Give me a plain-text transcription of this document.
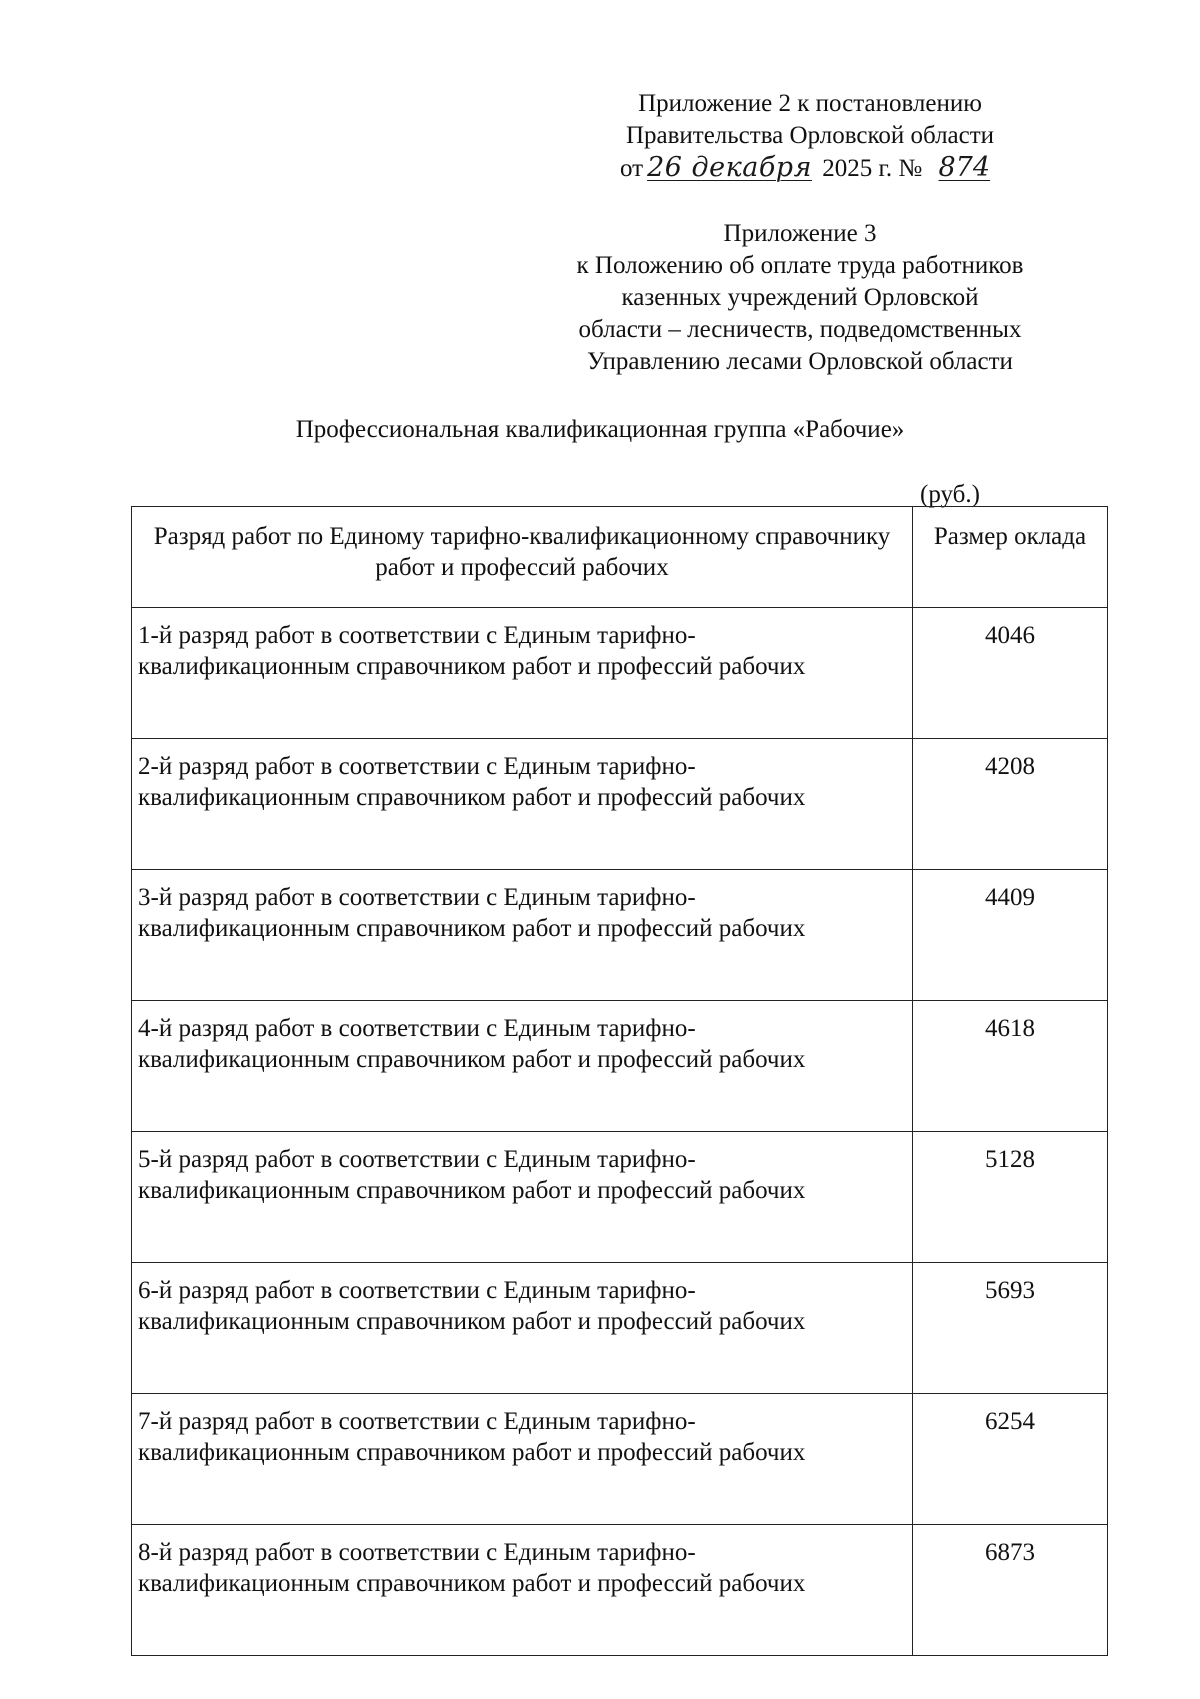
Приложение 2 к постановлению
Правительства Орловской области
от 26 декабря 2025 г. № 874
Приложение 3
к Положению об оплате труда работников
казенных учреждений Орловской
области – лесничеств, подведомственных
Управлению лесами Орловской области
Профессиональная квалификационная группа «Рабочие»
(руб.)
Разряд работ по Единому тарифно-квалификационному справочнику работ и профессий рабочих	Размер оклада
1-й разряд работ в соответствии с Единым тарифно-квалификационным справочником работ и профессий рабочих	4046
2-й разряд работ в соответствии с Единым тарифно-квалификационным справочником работ и профессий рабочих	4208
3-й разряд работ в соответствии с Единым тарифно-квалификационным справочником работ и профессий рабочих	4409
4-й разряд работ в соответствии с Единым тарифно-квалификационным справочником работ и профессий рабочих	4618
5-й разряд работ в соответствии с Единым тарифно-квалификационным справочником работ и профессий рабочих	5128
6-й разряд работ в соответствии с Единым тарифно-квалификационным справочником работ и профессий рабочих	5693
7-й разряд работ в соответствии с Единым тарифно-квалификационным справочником работ и профессий рабочих	6254
8-й разряд работ в соответствии с Единым тарифно-квалификационным справочником работ и профессий рабочих	6873
